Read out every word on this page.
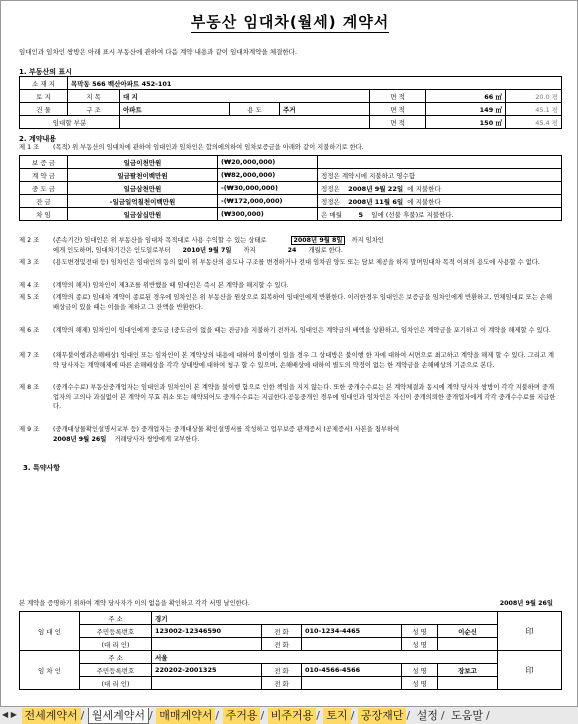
부동산 임대차(월세) 계약서
임대인과 임차인 쌍방은 아래 표시 부동산에 관하여 다음 계약 내용과 같이 임대차계약을 체결한다.
1. 부동산의 표시
소 재 지	목막동 566 백산아파트 452-101						
토 지	지 목	대 지			면 적	66 ㎡	20.0 평
건 물	구 조	아파트	용 도	주거	면 적	149 ㎡	45.1 평
임대할 부분					면 적	150 ㎡	45.4 평
2. 계약내용
제 1 조 (목적) 위 부동산의 임대차에 관하여 임대인과 임차인은 합의에의하여 임차보증금을 아래와 같이 지불하기로 한다.
보 증 금	일금이천만원	(₩20,000,000)	
계 약 금	일금팔천이백만원	(₩82,000,000)	정정은 계약시에 지불하고 영수함
중 도 금	일금삼천만원	-(₩30,000,000)	정정은 2008년 9월 22일 에 지불한다
잔 금	-일금일억칠천이백만원	-(₩172,000,000)	정정은 2008년 11월 6일 에 지불한다
차 임	일금삼십만원	(₩300,000)	은 매월 5 일에 (선불 후불)로 지불한다.
제 2 조 (존속기간) 임대인은 위 부동산을 임대차 목적대로 사용 수익할 수 있는 상태로	2008년 9월 8일 까지 임차인
에게 인도하며, 임대차기간은 인도일로부터 2010년 9월 7일 까지	24 개월로 한다.
제 3 조 (용도변경및전대 등) 임차인은 임대인의 동의 없이 위 부동산의 용도나 구조를 변경하거나 전대 임차권 양도 또는 담보 제공을 하지 말며임대차 목적 이외의 용도에 사용할 수 없다.
제 4 조 (계약의 해지) 임차인이 제3조를 위반했을 때 임대인은 즉시 본 계약을 해지할 수 있다.
제 5 조 (계약의 종료) 임대차 계약이 종료된 경우에 임차인은 위 부동산을 원상으로 회복하여 임대인에게 반환한다. 이러한경우 임대인은 보증금을 임차인에게 반환하고, 연체임대료 또는 손해배상금이 있을 때는 이들을 제하고 그 잔액을 반환한다.
제 6 조 (계약의 해제) 임차인이 임대인에게 중도금 (중도금이 없을 때는 잔금)을 지불하기 전까지, 임대인은 계약금의 배액을 상환하고, 임차인은 계약금을 포기하고 이 계약을 해제할 수 있다.
제 7 조 (채무불이행과손해배상) 임대인 또는 임차인이 본 계약상의 내용에 대하여 불이행이 있을 경우 그 상대방은 불이행 한 자에 대하여 서면으로 최고하고 계약을 해제 할 수 있다. 그리고 계약 당사자는 계약해제에 따른 손해배상을 각각 상대방에 대하여 청구 할 수 있으며, 손해배상에 대하여 별도의 약정이 없는 한 계약금을 손해배상의 기준으로 본다.
제 8 조 (중개수수료) 부동산중개업자는 임대인과 임차인이 본 계약을 불이행 함으로 인한 책임을 지지 않는다. 또한 중개수수료는 본 계약체결과 동시에 계약 당사자 쌍방이 각각 지불하며 중개업자의 고의나 과실없이 본 계약이 무효 취소 또는 해약되어도 중개수수료는 지급한다.공동중개인 경우에 임대인과 임차인은 자신이 중개의뢰한 중개업자에게 각각 중개수수료를 지급한다.
제 9 조 (중개대상물확인설명서교부 등) 중개업자는 중개대상물 확인설명서를 작성하고 업무보증 관계증서 (공제증서) 사본을 첨부하여
2008년 9월 26일 거래당사자 쌍방에게 교부한다.
3. 특약사항
본 계약을 증명하기 위하여 계약 당사자가 이의 없음을 확인하고 각각 서명 날인한다.	2008년 9월 26일
임 대 인	주 소	경기					印
	주민등록번호	123002-12346590	전 화	010-1234-4465	성 명	이순신	
	(대 리 인)		전 화		성 명		
임 차 인	주 소	서울					印
	주민등록번호	220202-2001325	전 화	010-4566-4566	성 명	장보고	
	(대 리 인)		전 화		성 명		
◀ ▶ 전세계약서 / 월세계약서 / 매매계약서 / 주거용 / 비주거용 / 토지 / 공장재단 / 설정 / 도움말 /
